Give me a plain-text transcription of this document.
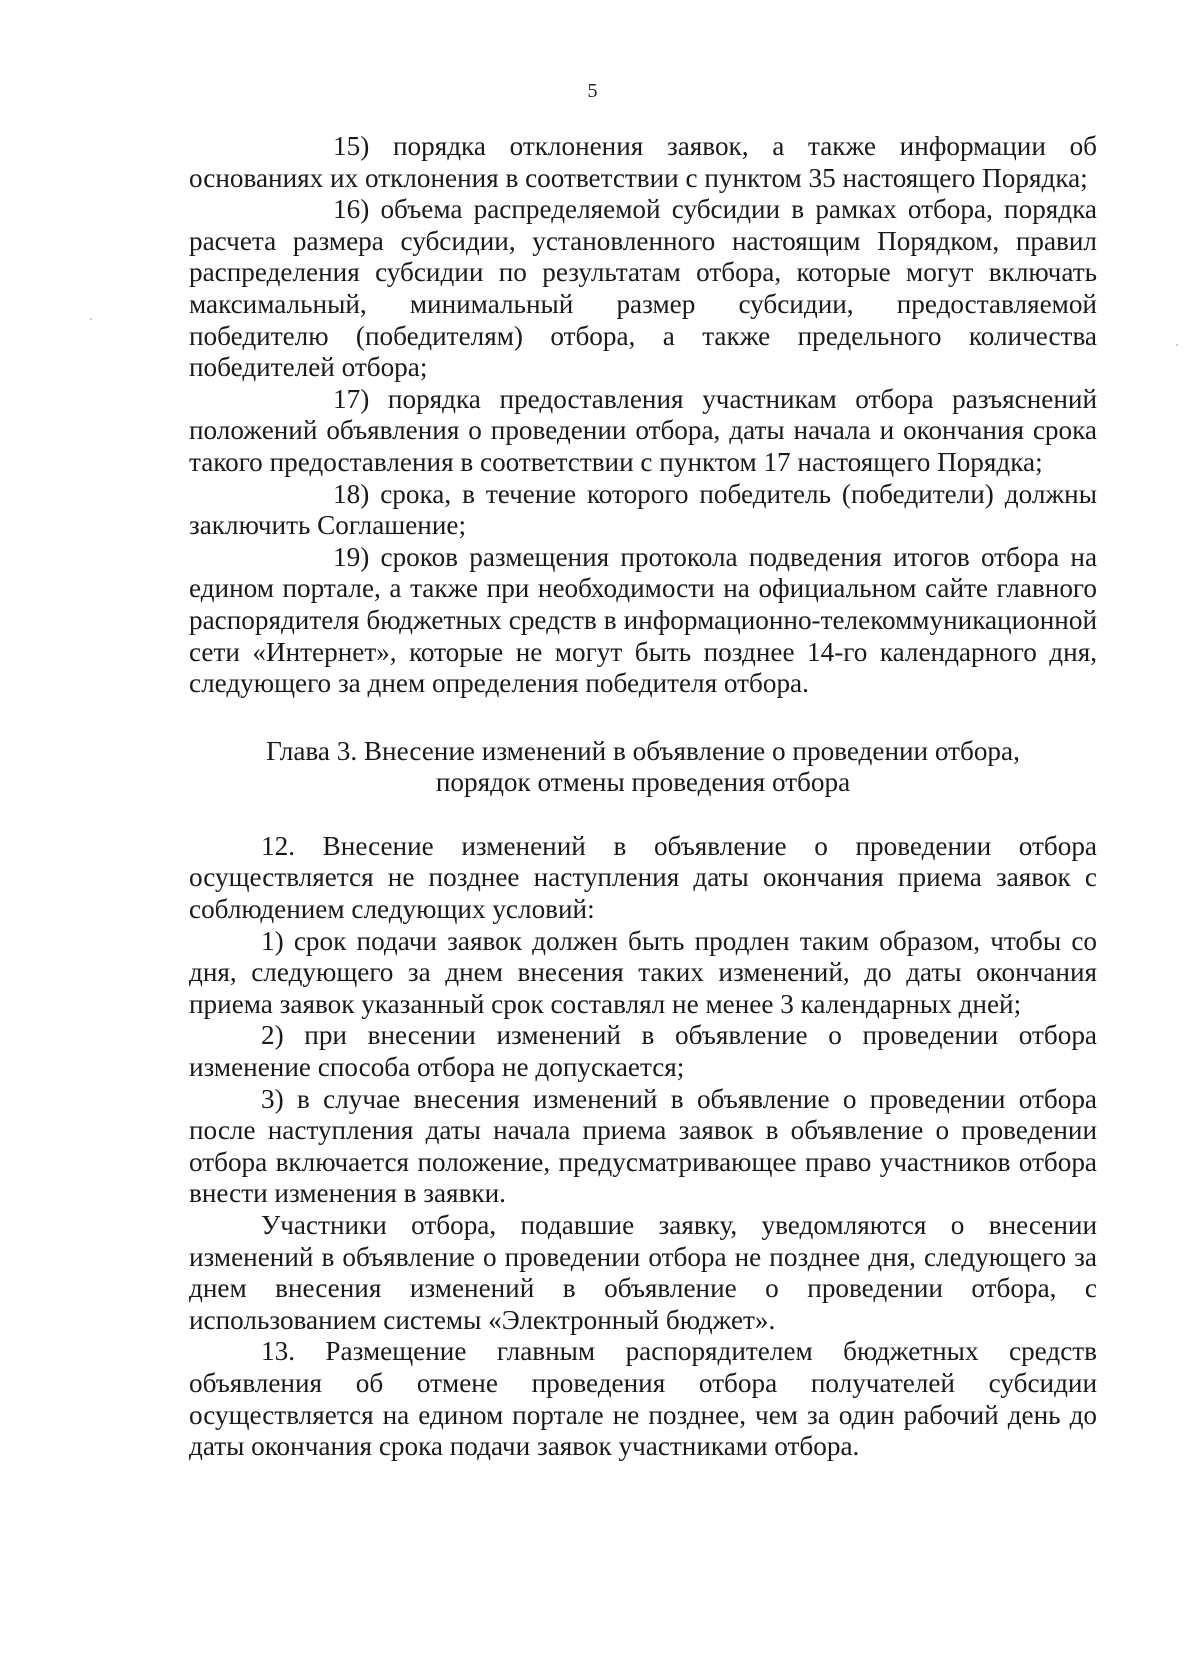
5

15) порядка отклонения заявок, а также информации об основаниях их отклонения в соответствии с пунктом 35 настоящего Порядка;

16) объема распределяемой субсидии в рамках отбора, порядка расчета размера субсидии, установленного настоящим Порядком, правил распределения субсидии по результатам отбора, которые могут включать максимальный, минимальный размер субсидии, предоставляемой победителю (победителям) отбора, а также предельного количества победителей отбора;

17) порядка предоставления участникам отбора разъяснений положений объявления о проведении отбора, даты начала и окончания срока такого предоставления в соответствии с пунктом 17 настоящего Порядка;

18) срока, в течение которого победитель (победители) должны заключить Соглашение;

19) сроков размещения протокола подведения итогов отбора на едином портале, а также при необходимости на официальном сайте главного распорядителя бюджетных средств в информационно-телекоммуникационной сети «Интернет», которые не могут быть позднее 14-го календарного дня, следующего за днем определения победителя отбора.

Глава 3. Внесение изменений в объявление о проведении отбора,
порядок отмены проведения отбора

12. Внесение изменений в объявление о проведении отбора осуществляется не позднее наступления даты окончания приема заявок с соблюдением следующих условий:

1) срок подачи заявок должен быть продлен таким образом, чтобы со дня, следующего за днем внесения таких изменений, до даты окончания приема заявок указанный срок составлял не менее 3 календарных дней;

2) при внесении изменений в объявление о проведении отбора изменение способа отбора не допускается;

3) в случае внесения изменений в объявление о проведении отбора после наступления даты начала приема заявок в объявление о проведении отбора включается положение, предусматривающее право участников отбора внести изменения в заявки.

Участники отбора, подавшие заявку, уведомляются о внесении изменений в объявление о проведении отбора не позднее дня, следующего за днем внесения изменений в объявление о проведении отбора, с использованием системы «Электронный бюджет».

13. Размещение главным распорядителем бюджетных средств объявления об отмене проведения отбора получателей субсидии осуществляется на едином портале не позднее, чем за один рабочий день до даты окончания срока подачи заявок участниками отбора.
